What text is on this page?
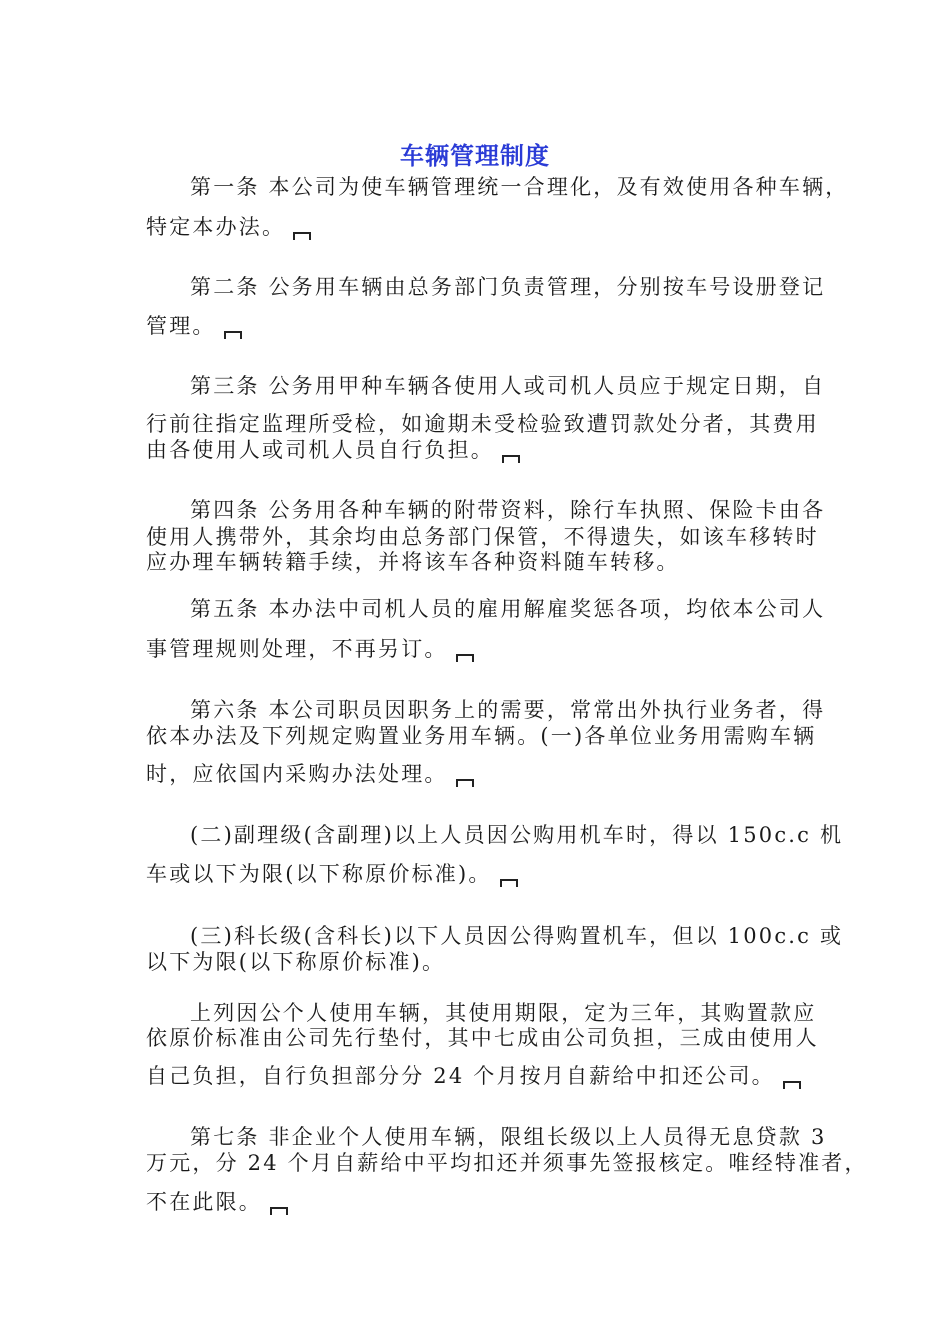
车辆管理制度
第一条 本公司为使车辆管理统一合理化，及有效使用各种车辆，
特定本办法。
第二条 公务用车辆由总务部门负责管理，分别按车号设册登记
管理。
第三条 公务用甲种车辆各使用人或司机人员应于规定日期，自
行前往指定监理所受检，如逾期未受检验致遭罚款处分者，其费用
由各使用人或司机人员自行负担。
第四条 公务用各种车辆的附带资料，除行车执照、保险卡由各
使用人携带外，其余均由总务部门保管，不得遗失，如该车移转时
应办理车辆转籍手续，并将该车各种资料随车转移。
第五条 本办法中司机人员的雇用解雇奖惩各项，均依本公司人
事管理规则处理，不再另订。
第六条 本公司职员因职务上的需要，常常出外执行业务者，得
依本办法及下列规定购置业务用车辆。(一)各单位业务用需购车辆
时，应依国内采购办法处理。
(二)副理级(含副理)以上人员因公购用机车时，得以 150c.c 机
车或以下为限(以下称原价标准)。
(三)科长级(含科长)以下人员因公得购置机车，但以 100c.c 或
以下为限(以下称原价标准)。
上列因公个人使用车辆，其使用期限，定为三年，其购置款应
依原价标准由公司先行垫付，其中七成由公司负担，三成由使用人
自己负担，自行负担部分分 24 个月按月自薪给中扣还公司。
第七条 非企业个人使用车辆，限组长级以上人员得无息贷款 3
万元，分 24 个月自薪给中平均扣还并须事先签报核定。唯经特准者，
不在此限。
